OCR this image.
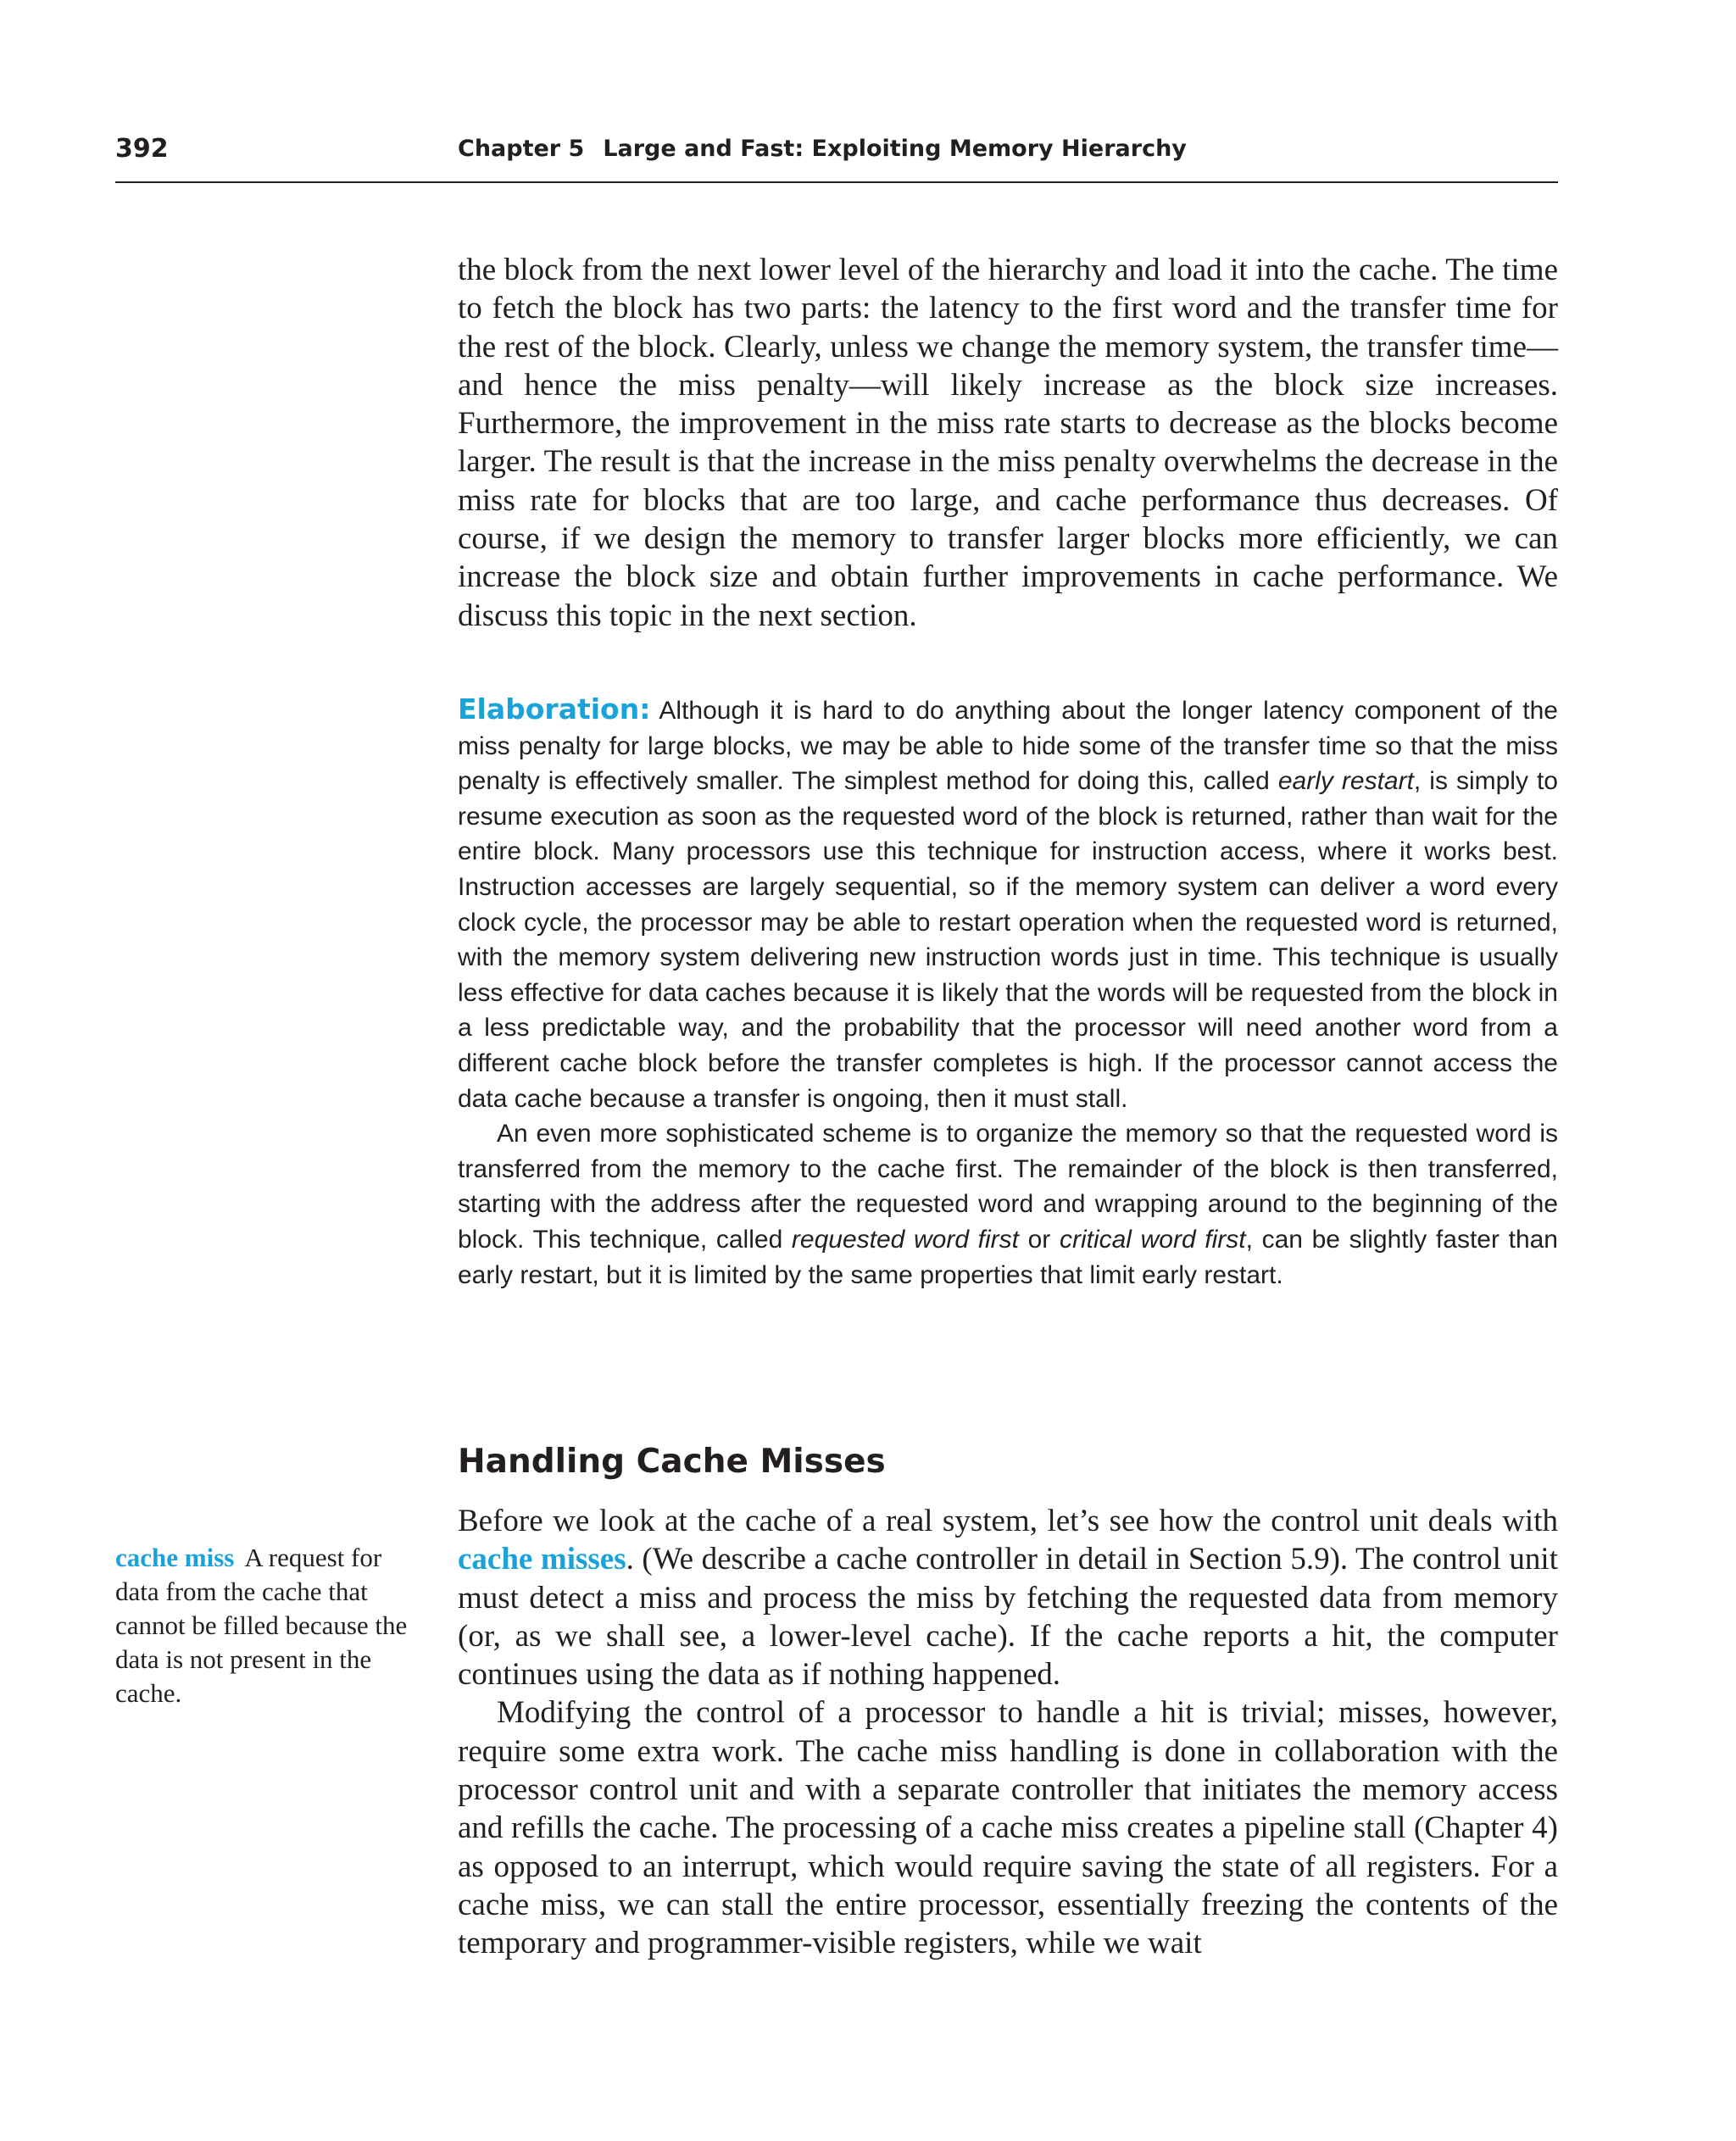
392	Chapter 5 Large and Fast: Exploiting Memory Hierarchy

the block from the next lower level of the hierarchy and load it into the cache. The time to fetch the block has two parts: the latency to the first word and the transfer time for the rest of the block. Clearly, unless we change the memory system, the transfer time—and hence the miss penalty—will likely increase as the block size increases. Furthermore, the improvement in the miss rate starts to decrease as the blocks become larger. The result is that the increase in the miss penalty overwhelms the decrease in the miss rate for blocks that are too large, and cache performance thus decreases. Of course, if we design the memory to transfer larger blocks more efficiently, we can increase the block size and obtain further improvements in cache performance. We discuss this topic in the next section.

Elaboration: Although it is hard to do anything about the longer latency component of the miss penalty for large blocks, we may be able to hide some of the transfer time so that the miss penalty is effectively smaller. The simplest method for doing this, called early restart, is simply to resume execution as soon as the requested word of the block is returned, rather than wait for the entire block. Many processors use this technique for instruction access, where it works best. Instruction accesses are largely sequential, so if the memory system can deliver a word every clock cycle, the processor may be able to restart operation when the requested word is returned, with the memory system delivering new instruction words just in time. This technique is usually less effective for data caches because it is likely that the words will be requested from the block in a less predictable way, and the probability that the processor will need another word from a different cache block before the transfer completes is high. If the processor cannot access the data cache because a transfer is ongoing, then it must stall.

An even more sophisticated scheme is to organize the memory so that the requested word is transferred from the memory to the cache first. The remainder of the block is then transferred, starting with the address after the requested word and wrapping around to the beginning of the block. This technique, called requested word first or critical word first, can be slightly faster than early restart, but it is limited by the same properties that limit early restart.

Handling Cache Misses

Before we look at the cache of a real system, let’s see how the control unit deals with cache misses. (We describe a cache controller in detail in Section 5.9). The control unit must detect a miss and process the miss by fetching the requested data from memory (or, as we shall see, a lower-level cache). If the cache reports a hit, the computer continues using the data as if nothing happened.

Modifying the control of a processor to handle a hit is trivial; misses, however, require some extra work. The cache miss handling is done in collaboration with the processor control unit and with a separate controller that initiates the memory access and refills the cache. The processing of a cache miss creates a pipeline stall (Chapter 4) as opposed to an interrupt, which would require saving the state of all registers. For a cache miss, we can stall the entire processor, essentially freezing the contents of the temporary and programmer-visible registers, while we wait

cache miss A request for data from the cache that cannot be filled because the data is not present in the cache.
